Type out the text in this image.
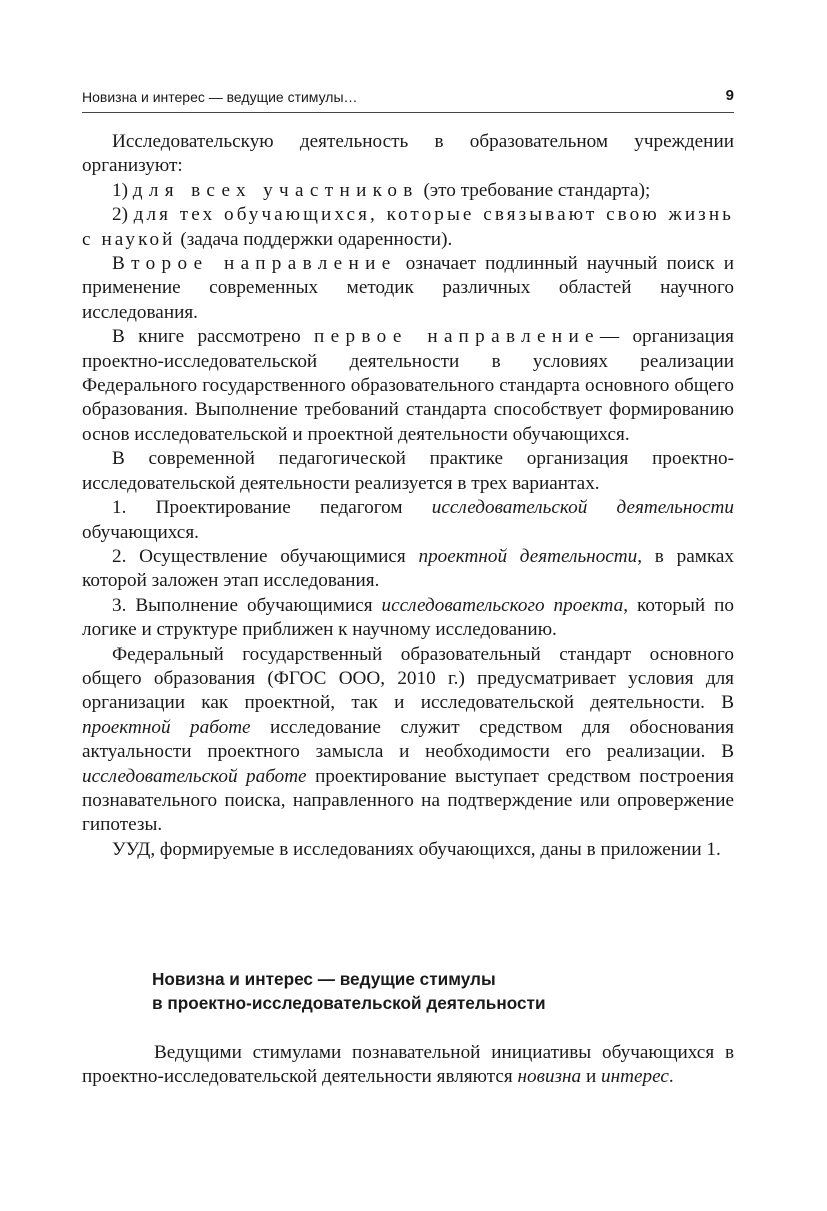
Новизна и интерес — ведущие стимулы…	9

Исследовательскую деятельность в образовательном учреждении организуют:

1) для всех участников (это требование стандарта);

2) для тех обучающихся, которые связывают свою жизнь с наукой (задача поддержки одаренности).

Второе направление означает подлинный научный поиск и применение современных методик различных областей научного исследования.

В книге рассмотрено первое направление— организация проектно-исследовательской деятельности в условиях реализации Федерального государственного образовательного стандарта основного общего образования. Выполнение требований стандарта способствует формированию основ исследовательской и проектной деятельности обучающихся.

В современной педагогической практике организация проектно-исследовательской деятельности реализуется в трех вариантах.

1. Проектирование педагогом исследовательской деятельности обучающихся.

2. Осуществление обучающимися проектной деятельности, в рамках которой заложен этап исследования.

3. Выполнение обучающимися исследовательского проекта, который по логике и структуре приближен к научному исследованию.

Федеральный государственный образовательный стандарт основного общего образования (ФГОС ООО, 2010 г.) предусматривает условия для организации как проектной, так и исследовательской деятельности. В проектной работе исследование служит средством для обоснования актуальности проектного замысла и необходимости его реализации. В исследовательской работе проектирование выступает средством построения познавательного поиска, направленного на подтверждение или опровержение гипотезы.

УУД, формируемые в исследованиях обучающихся, даны в приложении 1.

Новизна и интерес — ведущие стимулы
в проектно-исследовательской деятельности

Ведущими стимулами познавательной инициативы обучающихся в проектно-исследовательской деятельности являются новизна и интерес.
